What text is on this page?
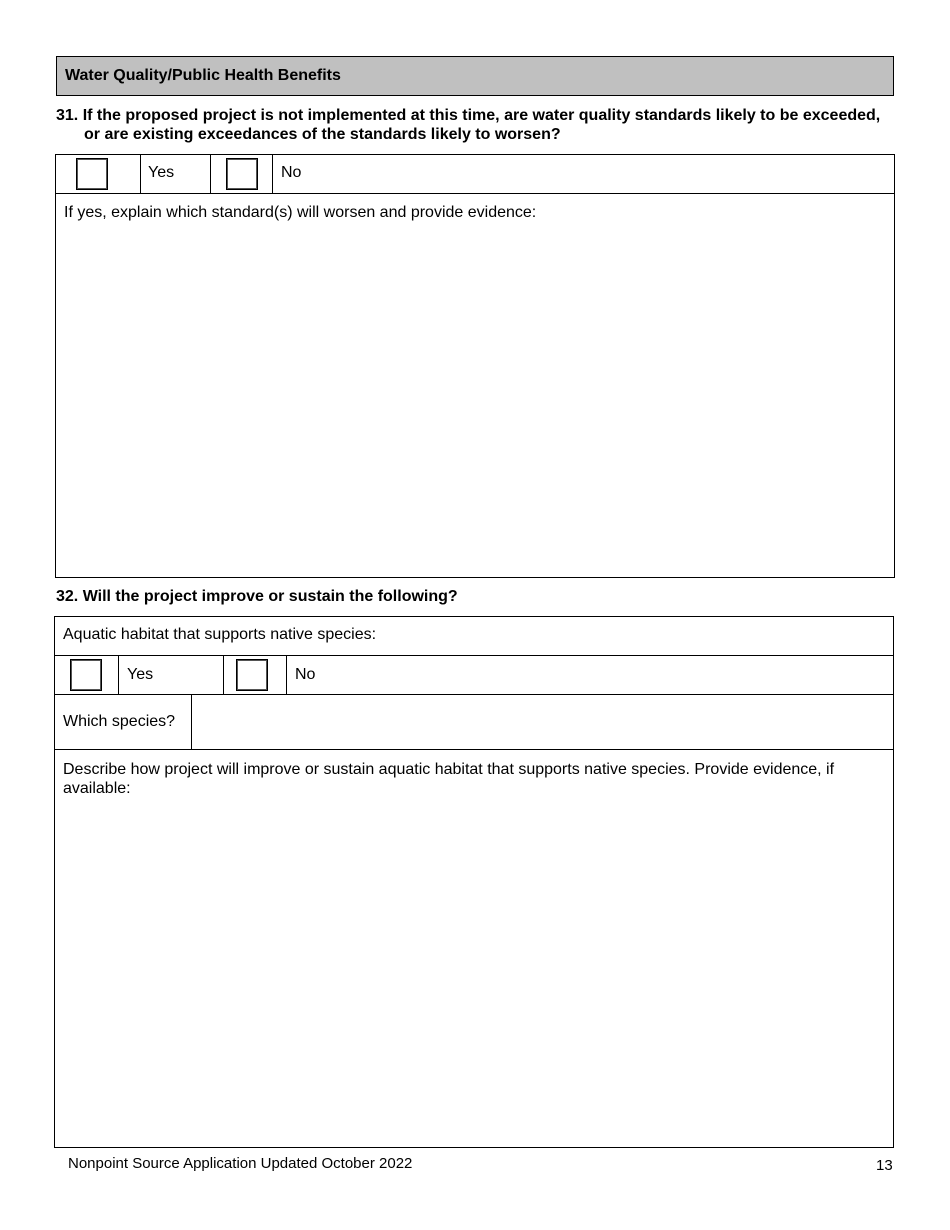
Water Quality/Public Health Benefits
31. If the proposed project is not implemented at this time, are water quality standards likely to be exceeded, or are existing exceedances of the standards likely to worsen?
Yes	No
If yes, explain which standard(s) will worsen and provide evidence:
32. Will the project improve or sustain the following?
Aquatic habitat that supports native species:
Yes	No
Which species?
Describe how project will improve or sustain aquatic habitat that supports native species. Provide evidence, if available:
Nonpoint Source Application Updated October 2022	13
